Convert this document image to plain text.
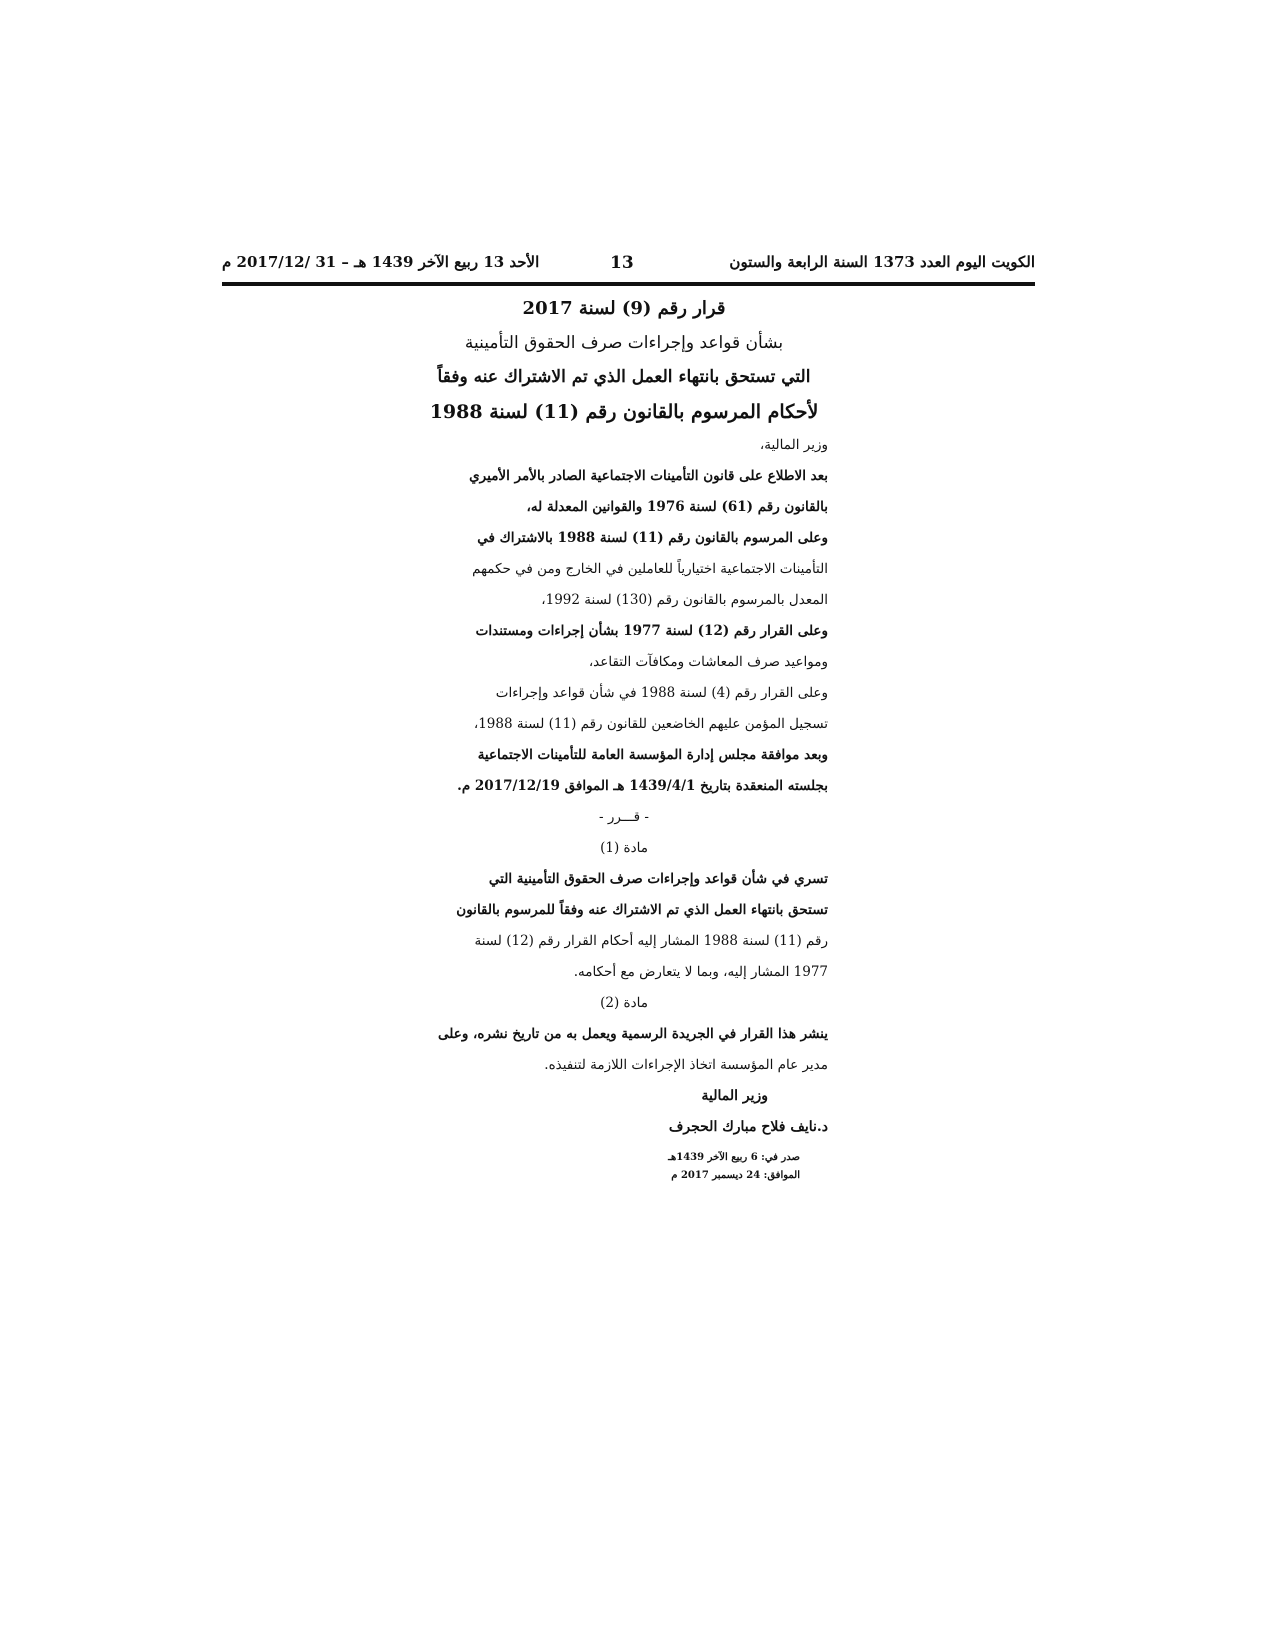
الأحد 13 ربيع الآخر 1439 هـ – 31 /2017/12 م	13	الكويت اليوم العدد 1373 السنة الرابعة والستون

قرار رقم (9) لسنة 2017

بشأن قواعد وإجراءات صرف الحقوق التأمينية

التي تستحق بانتهاء العمل الذي تم الاشتراك عنه وفقاً

لأحكام المرسوم بالقانون رقم (11) لسنة 1988

وزير المالية،

بعد الاطلاع على قانون التأمينات الاجتماعية الصادر بالأمر الأميري

بالقانون رقم (61) لسنة 1976 والقوانين المعدلة له،

وعلى المرسوم بالقانون رقم (11) لسنة 1988 بالاشتراك في

التأمينات الاجتماعية اختيارياً للعاملين في الخارج ومن في حكمهم

المعدل بالمرسوم بالقانون رقم (130) لسنة 1992،

وعلى القرار رقم (12) لسنة 1977 بشأن إجراءات ومستندات

ومواعيد صرف المعاشات ومكافآت التقاعد،

وعلى القرار رقم (4) لسنة 1988 في شأن قواعد وإجراءات

تسجيل المؤمن عليهم الخاضعين للقانون رقم (11) لسنة 1988،

وبعد موافقة مجلس إدارة المؤسسة العامة للتأمينات الاجتماعية

بجلسته المنعقدة بتاريخ 1439/4/1 هـ الموافق 2017/12/19 م.

- قـــرر -

مادة (1)

تسري في شأن قواعد وإجراءات صرف الحقوق التأمينية التي

تستحق بانتهاء العمل الذي تم الاشتراك عنه وفقاً للمرسوم بالقانون

رقم (11) لسنة 1988 المشار إليه أحكام القرار رقم (12) لسنة

1977 المشار إليه، وبما لا يتعارض مع أحكامه.

مادة (2)

ينشر هذا القرار في الجريدة الرسمية ويعمل به من تاريخ نشره، وعلى

مدير عام المؤسسة اتخاذ الإجراءات اللازمة لتنفيذه.

وزير المالية

د.نايف فلاح مبارك الحجرف

صدر في: 6 ربيع الآخر 1439هـ

الموافق: 24 ديسمبر 2017 م
